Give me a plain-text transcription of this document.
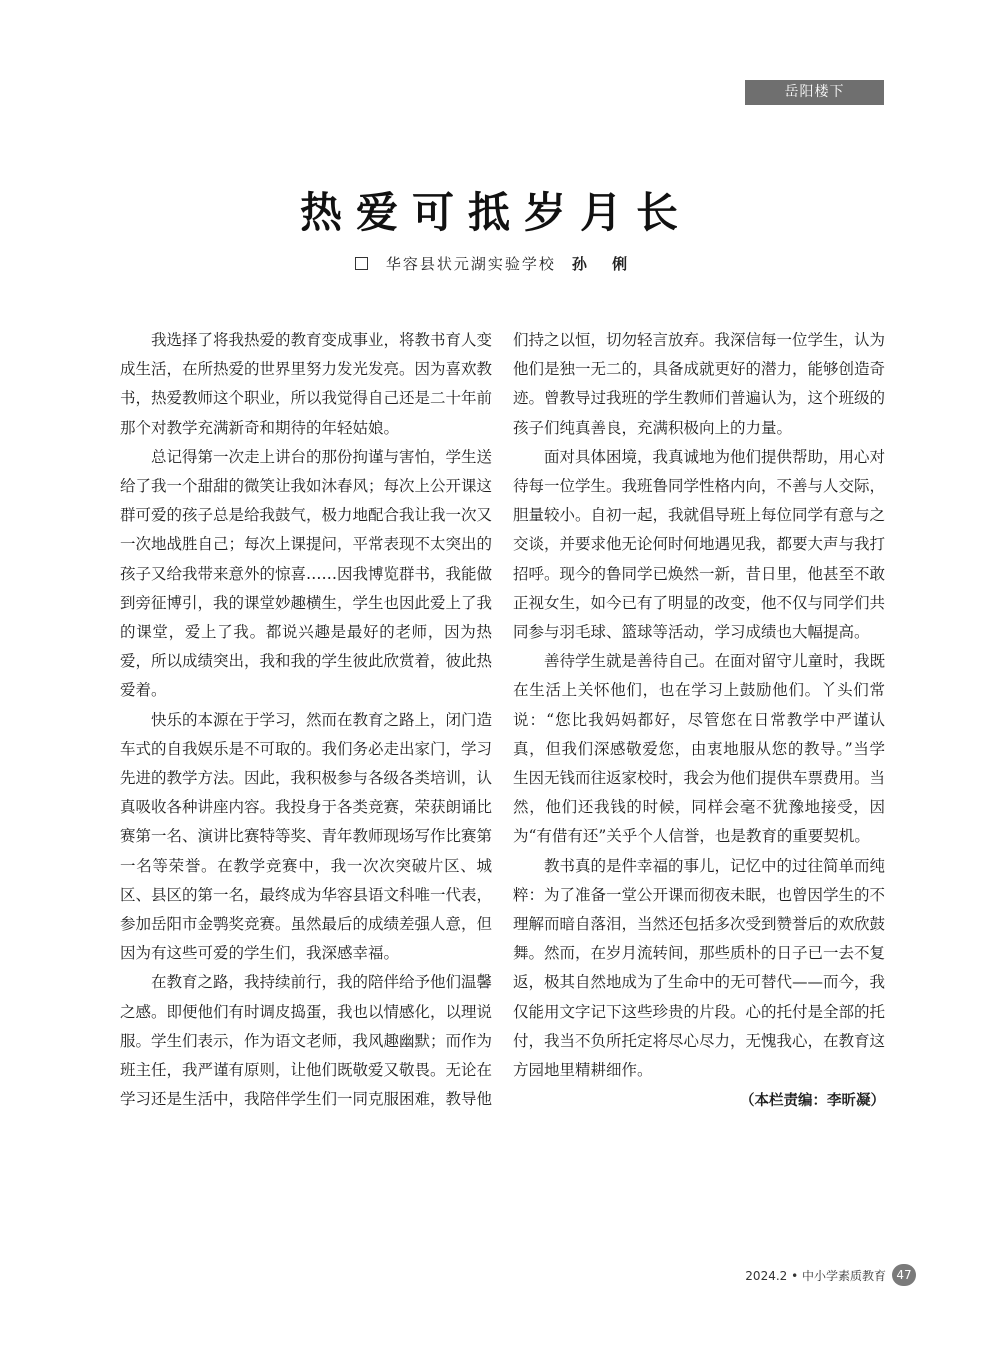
岳阳楼下
热爱可抵岁月长
华容县状元湖实验学校 孙 俐

我选择了将我热爱的教育变成事业，将教书育人变成生活，在所热爱的世界里努力发光发亮。因为喜欢教书，热爱教师这个职业，所以我觉得自己还是二十年前那个对教学充满新奇和期待的年轻姑娘。

总记得第一次走上讲台的那份拘谨与害怕，学生送给了我一个甜甜的微笑让我如沐春风；每次上公开课这群可爱的孩子总是给我鼓气，极力地配合我让我一次又一次地战胜自己；每次上课提问，平常表现不太突出的孩子又给我带来意外的惊喜……因我博览群书，我能做到旁征博引，我的课堂妙趣横生，学生也因此爱上了我的课堂，爱上了我。都说兴趣是最好的老师，因为热爱，所以成绩突出，我和我的学生彼此欣赏着，彼此热爱着。

快乐的本源在于学习，然而在教育之路上，闭门造车式的自我娱乐是不可取的。我们务必走出家门，学习先进的教学方法。因此，我积极参与各级各类培训，认真吸收各种讲座内容。我投身于各类竞赛，荣获朗诵比赛第一名、演讲比赛特等奖、青年教师现场写作比赛第一名等荣誉。在教学竞赛中，我一次次突破片区、城区、县区的第一名，最终成为华容县语文科唯一代表，参加岳阳市金鹗奖竞赛。虽然最后的成绩差强人意，但因为有这些可爱的学生们，我深感幸福。

在教育之路，我持续前行，我的陪伴给予他们温馨之感。即便他们有时调皮捣蛋，我也以情感化，以理说服。学生们表示，作为语文老师，我风趣幽默；而作为班主任，我严谨有原则，让他们既敬爱又敬畏。无论在学习还是生活中，我陪伴学生们一同克服困难，教导他

们持之以恒，切勿轻言放弃。我深信每一位学生，认为他们是独一无二的，具备成就更好的潜力，能够创造奇迹。曾教导过我班的学生教师们普遍认为，这个班级的孩子们纯真善良，充满积极向上的力量。

面对具体困境，我真诚地为他们提供帮助，用心对待每一位学生。我班鲁同学性格内向，不善与人交际，胆量较小。自初一起，我就倡导班上每位同学有意与之交谈，并要求他无论何时何地遇见我，都要大声与我打招呼。现今的鲁同学已焕然一新，昔日里，他甚至不敢正视女生，如今已有了明显的改变，他不仅与同学们共同参与羽毛球、篮球等活动，学习成绩也大幅提高。

善待学生就是善待自己。在面对留守儿童时，我既在生活上关怀他们，也在学习上鼓励他们。丫头们常说：“您比我妈妈都好，尽管您在日常教学中严谨认真，但我们深感敬爱您，由衷地服从您的教导。”当学生因无钱而往返家校时，我会为他们提供车票费用。当然，他们还我钱的时候，同样会毫不犹豫地接受，因为“有借有还”关乎个人信誉，也是教育的重要契机。

教书真的是件幸福的事儿，记忆中的过往简单而纯粹：为了准备一堂公开课而彻夜未眠，也曾因学生的不理解而暗自落泪，当然还包括多次受到赞誉后的欢欣鼓舞。然而，在岁月流转间，那些质朴的日子已一去不复返，极其自然地成为了生命中的无可替代——而今，我仅能用文字记下这些珍贵的片段。心的托付是全部的托付，我当不负所托定将尽心尽力，无愧我心，在教育这方园地里精耕细作。

（本栏责编：李昕凝）
2024.2 • 中小学素质教育 47
